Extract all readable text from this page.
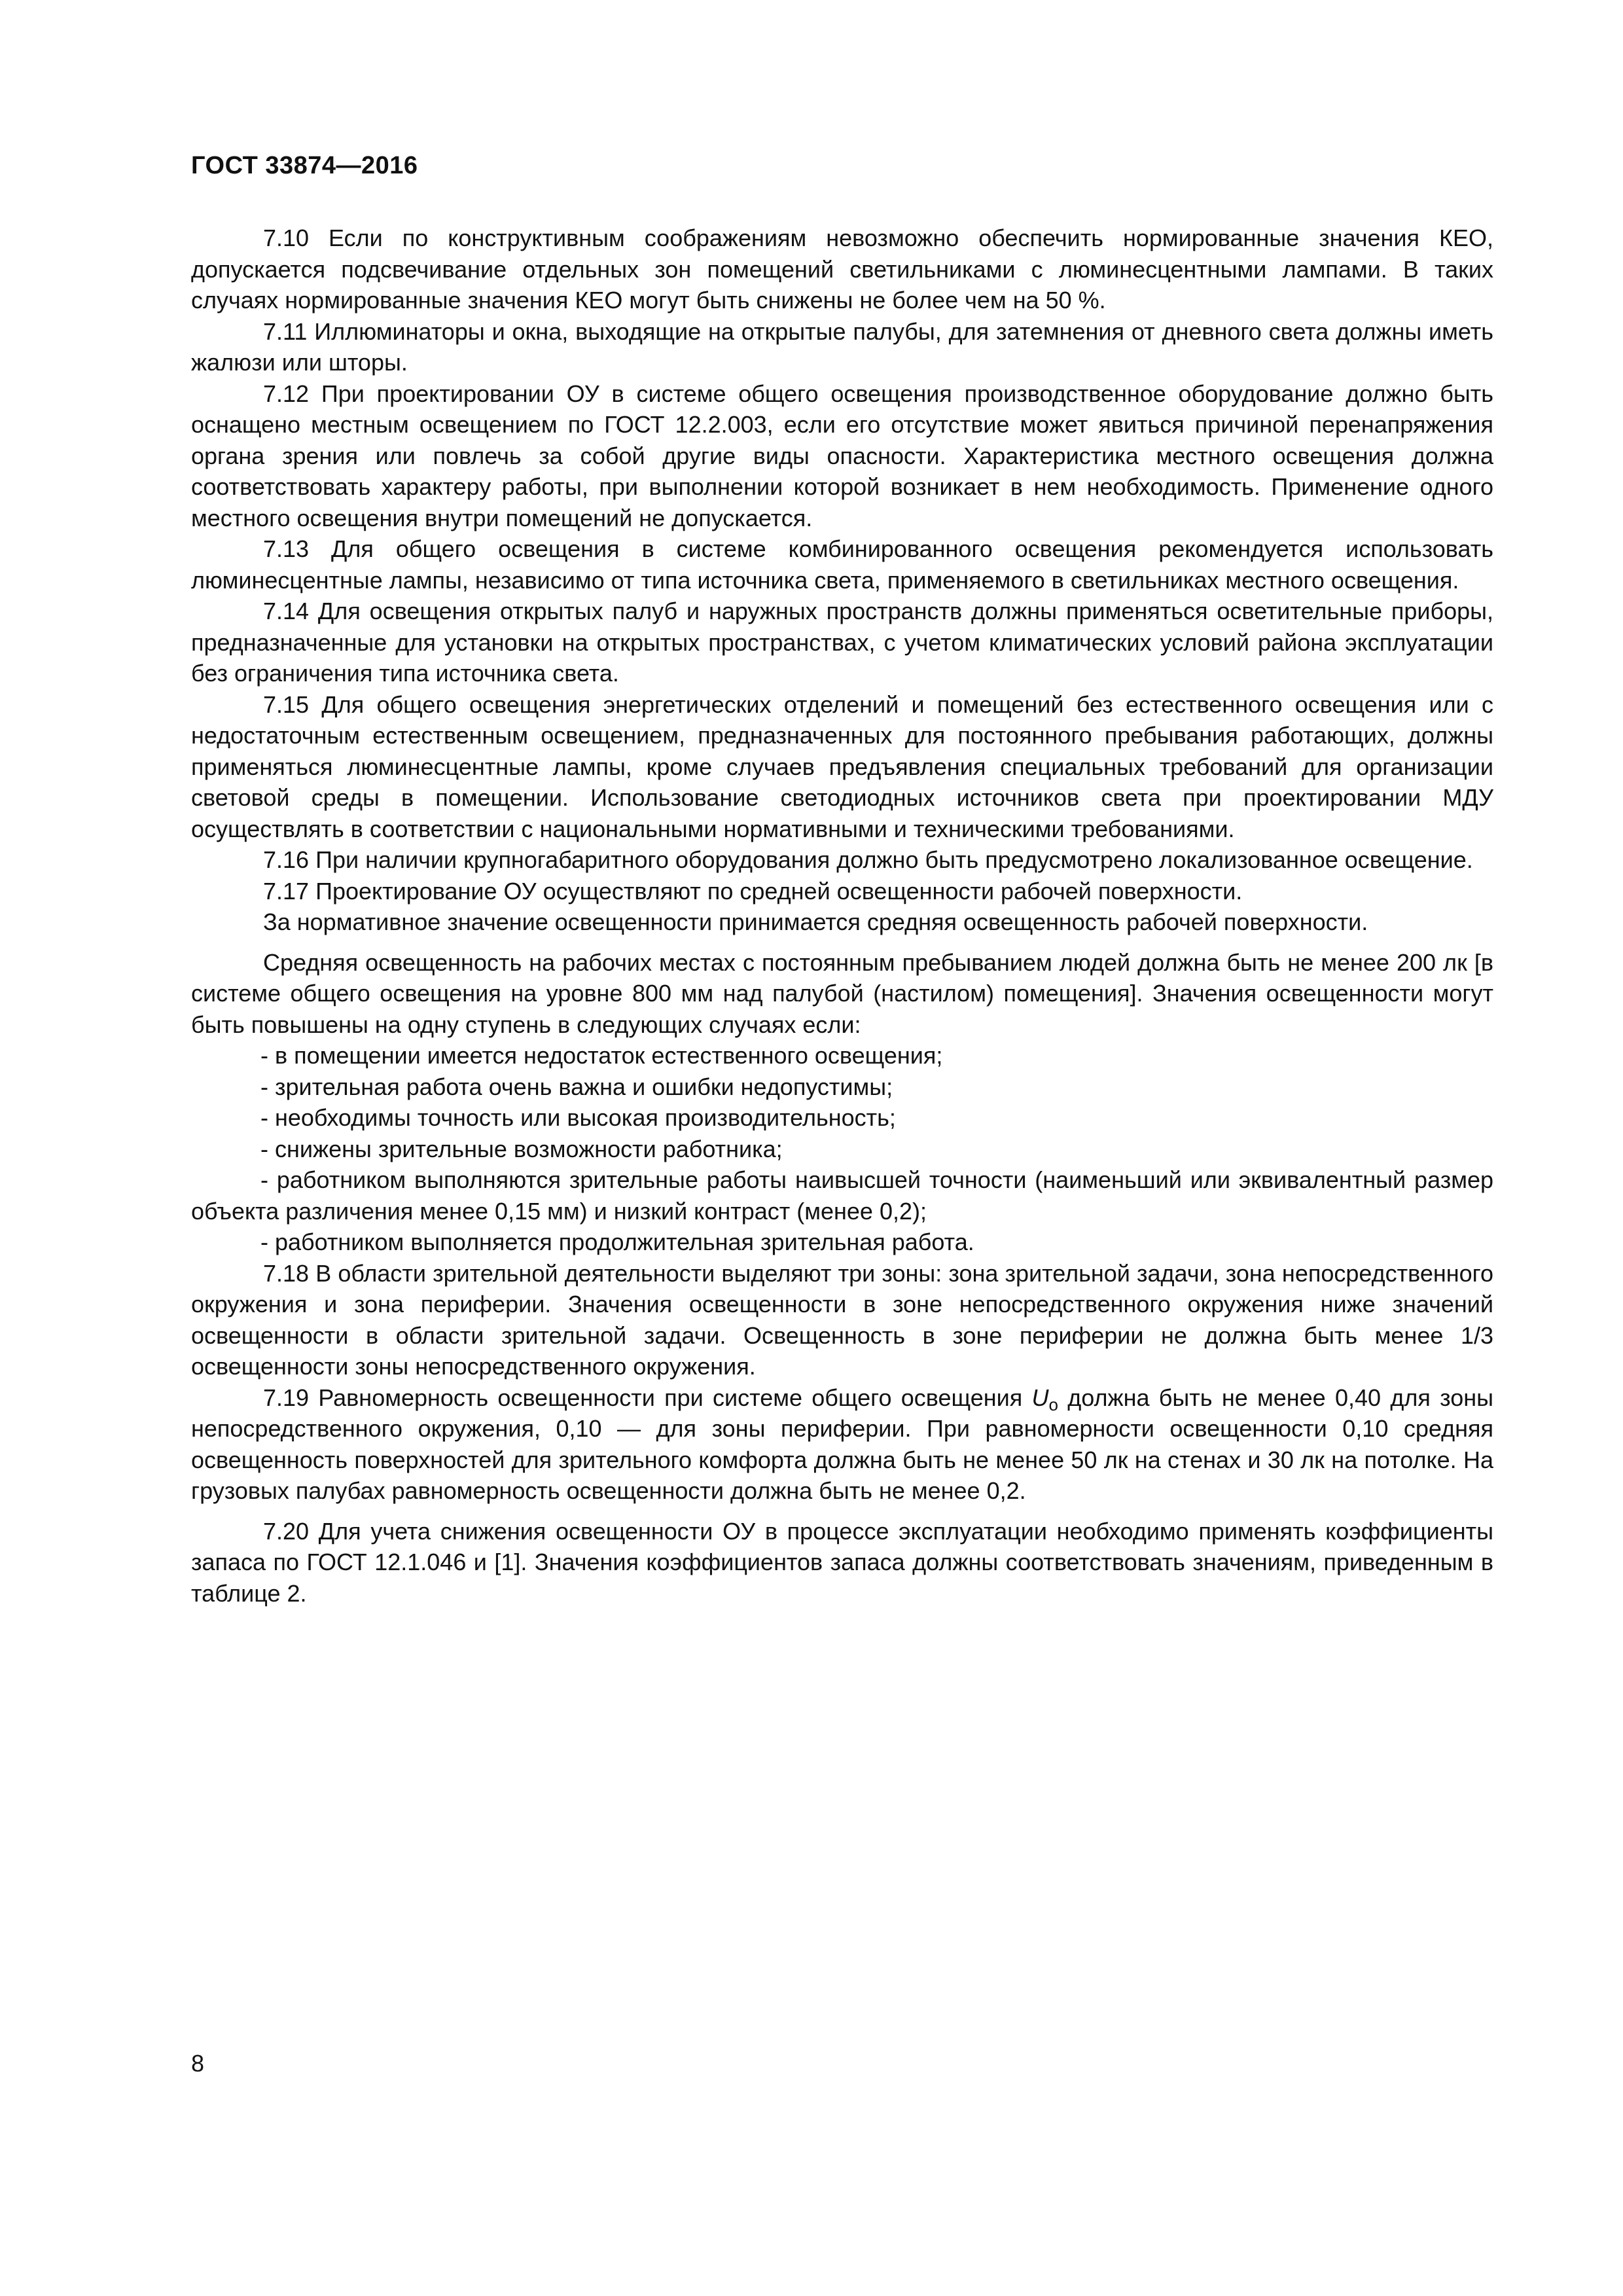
ГОСТ 33874—2016

7.10 Если по конструктивным соображениям невозможно обеспечить нормированные значения КЕО, допускается подсвечивание отдельных зон помещений светильниками с люминесцентными лампами. В таких случаях нормированные значения КЕО могут быть снижены не более чем на 50 %.

7.11 Иллюминаторы и окна, выходящие на открытые палубы, для затемнения от дневного света должны иметь жалюзи или шторы.

7.12 При проектировании ОУ в системе общего освещения производственное оборудование должно быть оснащено местным освещением по ГОСТ 12.2.003, если его отсутствие может явиться причиной перенапряжения органа зрения или повлечь за собой другие виды опасности. Характеристика местного освещения должна соответствовать характеру работы, при выполнении которой возникает в нем необходимость. Применение одного местного освещения внутри помещений не допускается.

7.13 Для общего освещения в системе комбинированного освещения рекомендуется использовать люминесцентные лампы, независимо от типа источника света, применяемого в светильниках местного освещения.

7.14 Для освещения открытых палуб и наружных пространств должны применяться осветительные приборы, предназначенные для установки на открытых пространствах, с учетом климатических условий района эксплуатации без ограничения типа источника света.

7.15 Для общего освещения энергетических отделений и помещений без естественного освещения или с недостаточным естественным освещением, предназначенных для постоянного пребывания работающих, должны применяться люминесцентные лампы, кроме случаев предъявления специальных требований для организации световой среды в помещении. Использование светодиодных источников света при проектировании МДУ осуществлять в соответствии с национальными нормативными и техническими требованиями.

7.16 При наличии крупногабаритного оборудования должно быть предусмотрено локализованное освещение.

7.17 Проектирование ОУ осуществляют по средней освещенности рабочей поверхности.

За нормативное значение освещенности принимается средняя освещенность рабочей поверхности.

Средняя освещенность на рабочих местах с постоянным пребыванием людей должна быть не менее 200 лк [в системе общего освещения на уровне 800 мм над палубой (настилом) помещения]. Значения освещенности могут быть повышены на одну ступень в следующих случаях если:

- в помещении имеется недостаток естественного освещения;

- зрительная работа очень важна и ошибки недопустимы;

- необходимы точность или высокая производительность;

- снижены зрительные возможности работника;

- работником выполняются зрительные работы наивысшей точности (наименьший или эквивалентный размер объекта различения менее 0,15 мм) и низкий контраст (менее 0,2);

- работником выполняется продолжительная зрительная работа.

7.18 В области зрительной деятельности выделяют три зоны: зона зрительной задачи, зона непосредственного окружения и зона периферии. Значения освещенности в зоне непосредственного окружения ниже значений освещенности в области зрительной задачи. Освещенность в зоне периферии не должна быть менее 1/3 освещенности зоны непосредственного окружения.

7.19 Равномерность освещенности при системе общего освещения $U_o$ должна быть не менее 0,40 для зоны непосредственного окружения, 0,10 — для зоны периферии. При равномерности освещенности 0,10 средняя освещенность поверхностей для зрительного комфорта должна быть не менее 50 лк на стенах и 30 лк на потолке. На грузовых палубах равномерность освещенности должна быть не менее 0,2.

7.20 Для учета снижения освещенности ОУ в процессе эксплуатации необходимо применять коэффициенты запаса по ГОСТ 12.1.046 и [1]. Значения коэффициентов запаса должны соответствовать значениям, приведенным в таблице 2.

8
